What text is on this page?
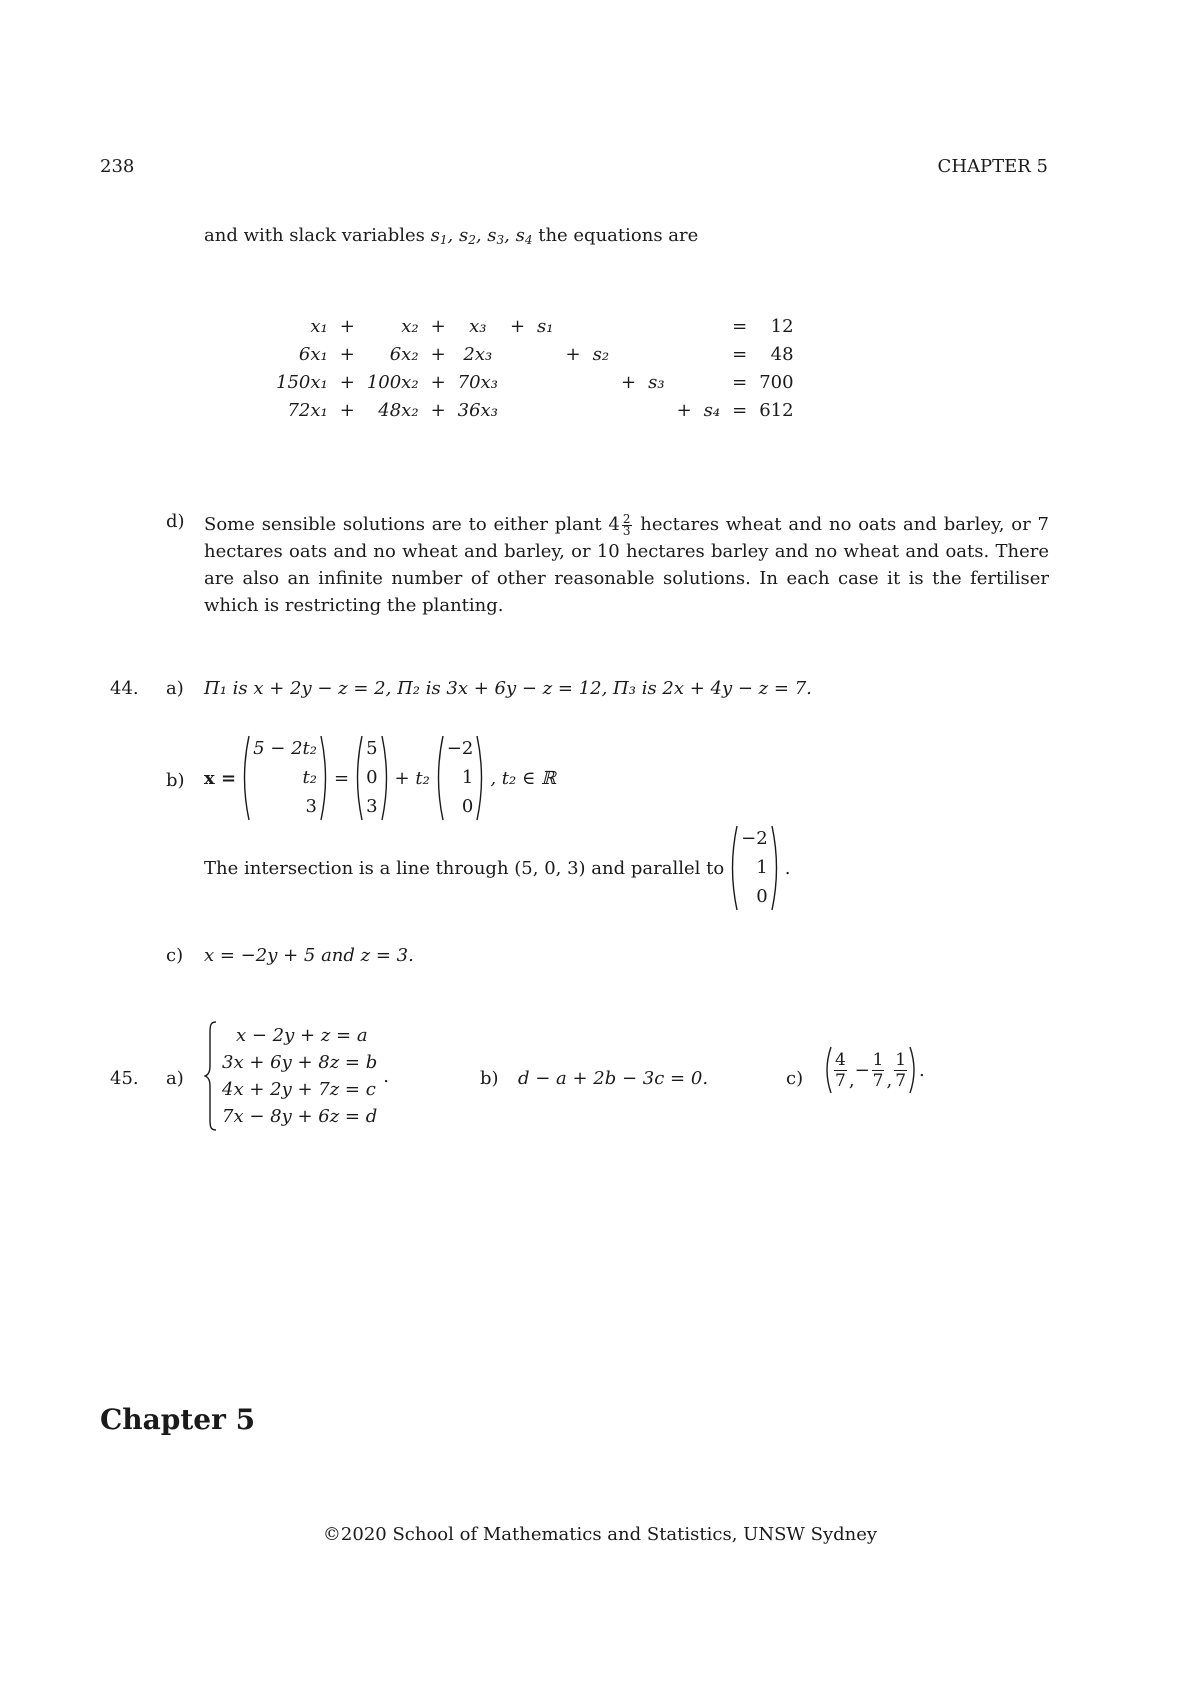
238	CHAPTER 5
and with slack variables $s_1$, $s_2$, $s_3$, $s_4$ the equations are
x₁	+	x₂	+	x₃	+	s₁							=	12
6x₁	+	6x₂	+	2x₃			+	s₂					=	48
150x₁	+	100x₂	+	70x₃					+	s₃			=	700
72x₁	+	48x₂	+	36x₃							+	s₄	=	612
d) Some sensible solutions are to either plant $4 \frac{2}{3}$ hectares wheat and no oats and barley, or 7 hectares oats and no wheat and barley, or 10 hectares barley and no wheat and oats. There are also an infinite number of other reasonable solutions. In each case it is the fertiliser which is restricting the planting.
44. a) Π₁ is x + 2y − z = 2, Π₂ is 3x + 6y − z = 12, Π₃ is 2x + 4y − z = 7.
b) x =
5 − 2t₂
t₂
3
=
5
0
3
+ t₂
−2
1
0
, t₂ ∈ ℝ
The intersection is a line through (5, 0, 3) and parallel to
−2
1
0
.
c) x = −2y + 5 and z = 3.
45. a)
x − 2y + z = a
3x + 6y + 8z = b
4x + 2y + 7z = c
7x − 8y + 6z = d
.	b) d − a + 2b − 3c = 0.	$c) \frac{4}{7}$ , − $\frac{1}{7}$ , $\frac{1}{7}$ .
Chapter 5
©2020 School of Mathematics and Statistics, UNSW Sydney
